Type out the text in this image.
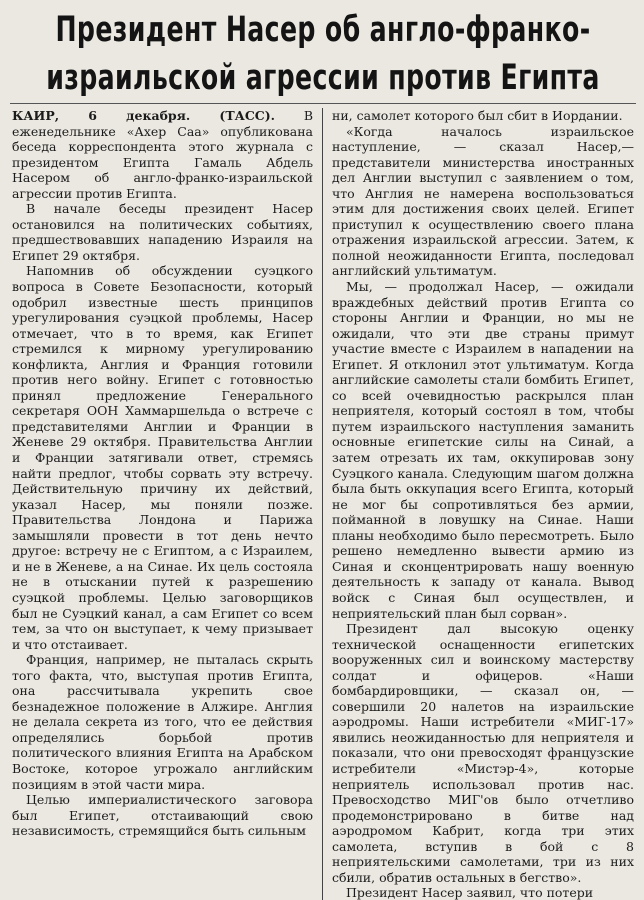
Президент Насер об англо-франко-
израильской агрессии против Египта

КАИР, 6 декабря. (ТАСС). В еженедельнике «Ахер Саа» опубликована беседа корреспондента этого журнала с президентом Египта Гамаль Абдель Насером об англо-франко-израильской агрессии против Египта.

В начале беседы президент Насер остановился на политических событиях, предшествовавших нападению Израиля на Египет 29 октября.

Напомнив об обсуждении суэцкого вопроса в Совете Безопасности, который одобрил известные шесть принципов урегулирования суэцкой проблемы, Насер отмечает, что в то время, как Египет стремился к мирному урегулированию конфликта, Англия и Франция готовили против него войну. Египет с готовностью принял предложение Генерального секретаря ООН Хаммаршельда о встрече с представителями Англии и Франции в Женеве 29 октября. Правительства Англии и Франции затягивали ответ, стремясь найти предлог, чтобы сорвать эту встречу. Действительную причину их действий, указал Насер, мы поняли позже. Правительства Лондона и Парижа замышляли провести в тот день нечто другое: встречу не с Египтом, а с Израилем, и не в Женеве, а на Синае. Их цель состояла не в отыскании путей к разрешению суэцкой проблемы. Целью заговорщиков был не Суэцкий канал, а сам Египет со всем тем, за что он выступает, к чему призывает и что отстаивает.

Франция, например, не пыталась скрыть того факта, что, выступая против Египта, она рассчитывала укрепить свое безнадежное положение в Алжире. Англия не делала секрета из того, что ее действия определялись борьбой против политического влияния Египта на Арабском Востоке, которое угрожало английским позициям в этой части мира.

Целью империалистического заговора был Египет, отстаивающий свою независимость, стремящийся быть сильным

ни, самолет которого был сбит в Иордании.

«Когда началось израильское наступление, — сказал Насер,— представители министерства иностранных дел Англии выступил с заявлением о том, что Англия не намерена воспользоваться этим для достижения своих целей. Египет приступил к осуществлению своего плана отражения израильской агрессии. Затем, к полной неожиданности Египта, последовал английский ультиматум.

Мы, — продолжал Насер, — ожидали враждебных действий против Египта со стороны Англии и Франции, но мы не ожидали, что эти две страны примут участие вместе с Израилем в нападении на Египет. Я отклонил этот ультиматум. Когда английские самолеты стали бомбить Египет, со всей очевидностью раскрылся план неприятеля, который состоял в том, чтобы путем израильского наступления заманить основные египетские силы на Синай, а затем отрезать их там, оккупировав зону Суэцкого канала. Следующим шагом должна была быть оккупация всего Египта, который не мог бы сопротивляться без армии, пойманной в ловушку на Синае. Наши планы необходимо было пересмотреть. Было решено немедленно вывести армию из Синая и сконцентрировать нашу военную деятельность к западу от канала. Вывод войск с Синая был осуществлен, и неприятельский план был сорван».

Президент дал высокую оценку технической оснащенности египетских вооруженных сил и воинскому мастерству солдат и офицеров. «Наши бомбардировщики, — сказал он, — совершили 20 налетов на израильские аэродромы. Наши истребители «МИГ-17» явились неожиданностью для неприятеля и показали, что они превосходят французские истребители «Мистэр-4», которые неприятель использовал против нас. Превосходство МИГ'ов было отчетливо продемонстрировано в битве над аэродромом Кабрит, когда три этих самолета, вступив в бой с 8 неприятельскими самолетами, три из них сбили, обратив остальных в бегство».

Президент Насер заявил, что потери
